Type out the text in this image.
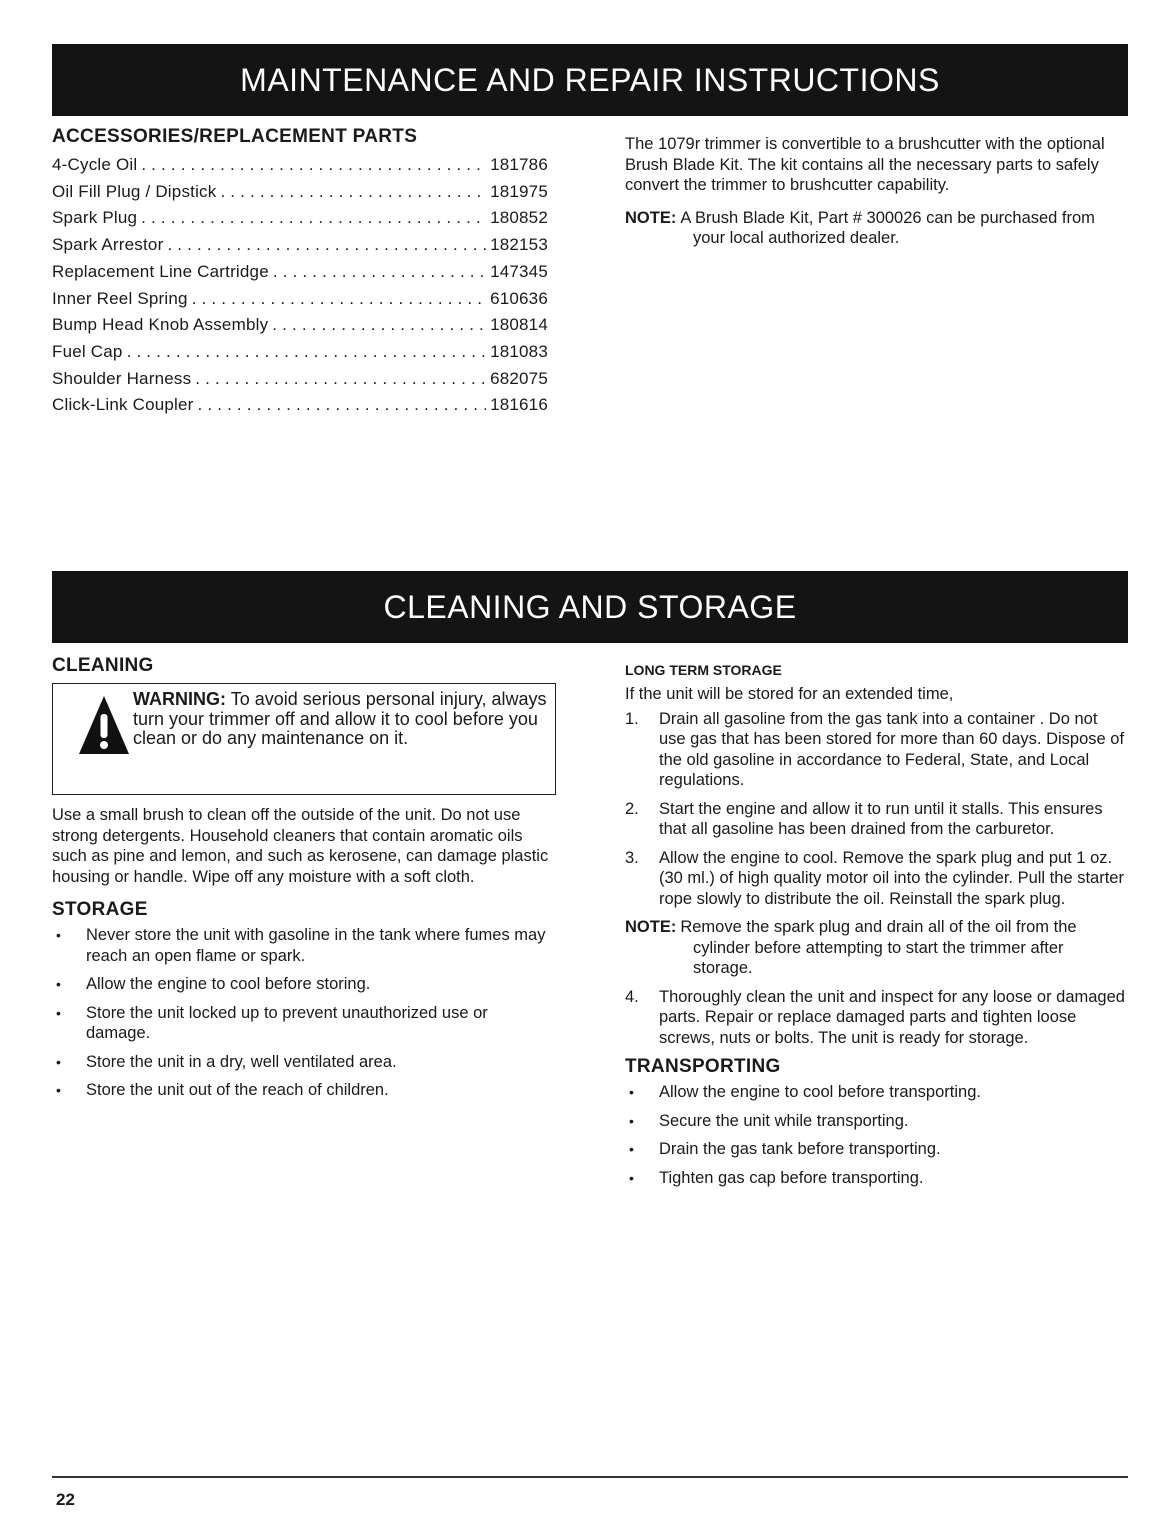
MAINTENANCE AND REPAIR INSTRUCTIONS
ACCESSORIES/REPLACEMENT PARTS
4-Cycle Oil . . .	181786
Oil Fill Plug / Dipstick . . .	181975
Spark Plug . . .	180852
Spark Arrestor . . .	182153
Replacement Line Cartridge . . .	147345
Inner Reel Spring . . .	610636
Bump Head Knob Assembly . . .	180814
Fuel Cap . . .	181083
Shoulder Harness . . .	682075
Click-Link Coupler . . .	181616

The 1079r trimmer is convertible to a brushcutter with the optional Brush Blade Kit. The kit contains all the necessary parts to safely convert the trimmer to brushcutter capability.

NOTE: A Brush Blade Kit, Part # 300026 can be purchased from your local authorized dealer.
CLEANING AND STORAGE
CLEANING
WARNING: To avoid serious personal injury, always turn your trimmer off and allow it to cool before you clean or do any maintenance on it.

Use a small brush to clean off the outside of the unit. Do not use strong detergents. Household cleaners that contain aromatic oils such as pine and lemon, and such as kerosene, can damage plastic housing or handle. Wipe off any moisture with a soft cloth.

STORAGE
• Never store the unit with gasoline in the tank where fumes may reach an open flame or spark.
• Allow the engine to cool before storing.
• Store the unit locked up to prevent unauthorized use or damage.
• Store the unit in a dry, well ventilated area.
• Store the unit out of the reach of children.
LONG TERM STORAGE

If the unit will be stored for an extended time,

1. Drain all gasoline from the gas tank into a container . Do not use gas that has been stored for more than 60 days. Dispose of the old gasoline in accordance to Federal, State, and Local regulations.
2. Start the engine and allow it to run until it stalls. This ensures that all gasoline has been drained from the carburetor.
3. Allow the engine to cool. Remove the spark plug and put 1 oz. (30 ml.) of high quality motor oil into the cylinder. Pull the starter rope slowly to distribute the oil. Reinstall the spark plug.
NOTE: Remove the spark plug and drain all of the oil from the cylinder before attempting to start the trimmer after storage.
4. Thoroughly clean the unit and inspect for any loose or damaged parts. Repair or replace damaged parts and tighten loose screws, nuts or bolts. The unit is ready for storage.
TRANSPORTING
• Allow the engine to cool before transporting.
• Secure the unit while transporting.
• Drain the gas tank before transporting.
• Tighten gas cap before transporting.
22
